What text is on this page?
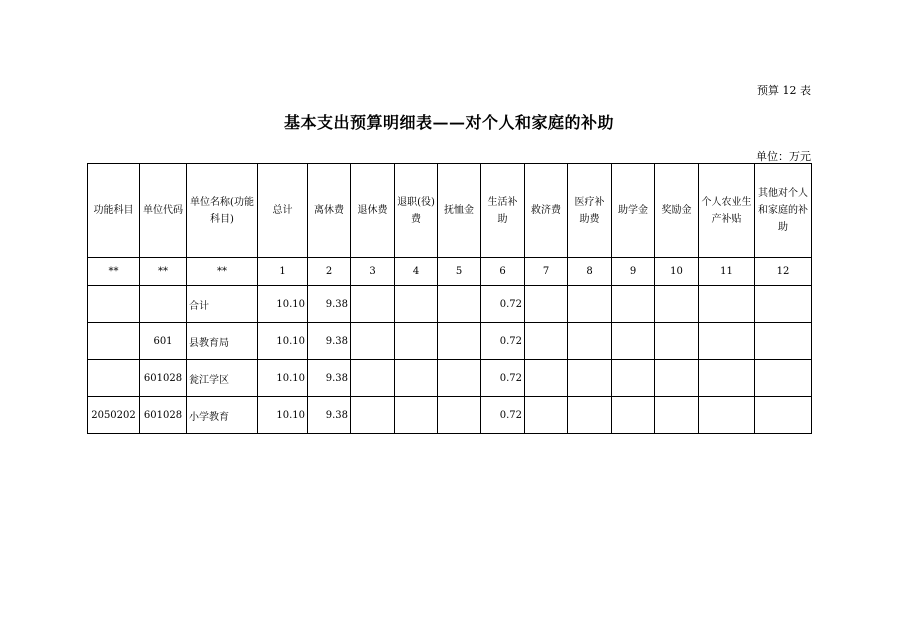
预算 12 表
基本支出预算明细表——对个人和家庭的补助
单位：万元
功能科目	单位代码	单位名称(功能科目)	总计	离休费	退休费	退职(役)费	抚恤金	生活补助	救济费	医疗补助费	助学金	奖励金	个人农业生产补贴	其他对个人和家庭的补助
**	**	**	1	2	3	4	5	6	7	8	9	10	11	12
		合计	10.10	9.38				0.72						
	601	县教育局	10.10	9.38				0.72						
	601028	瓮江学区	10.10	9.38				0.72						
2050202	601028	小学教育	10.10	9.38				0.72						
